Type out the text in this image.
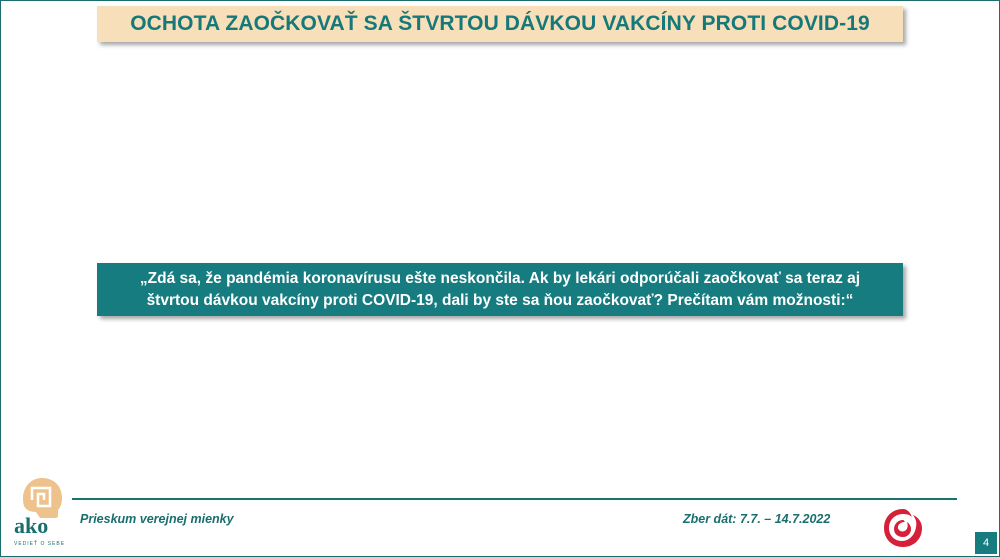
OCHOTA ZAOČKOVAŤ SA ŠTVRTOU DÁVKOU VAKCÍNY PROTI COVID-19

„Zdá sa, že pandémia koronavírusu ešte neskončila. Ak by lekári odporúčali zaočkovať sa teraz aj
štvrtou dávkou vakcíny proti COVID-19, dali by ste sa ňou zaočkovať? Prečítam vám možnosti:“

ako
VEDIEŤ O SEBE
Prieskum verejnej mienky	Zber dát: 7.7. – 14.7.2022
4
